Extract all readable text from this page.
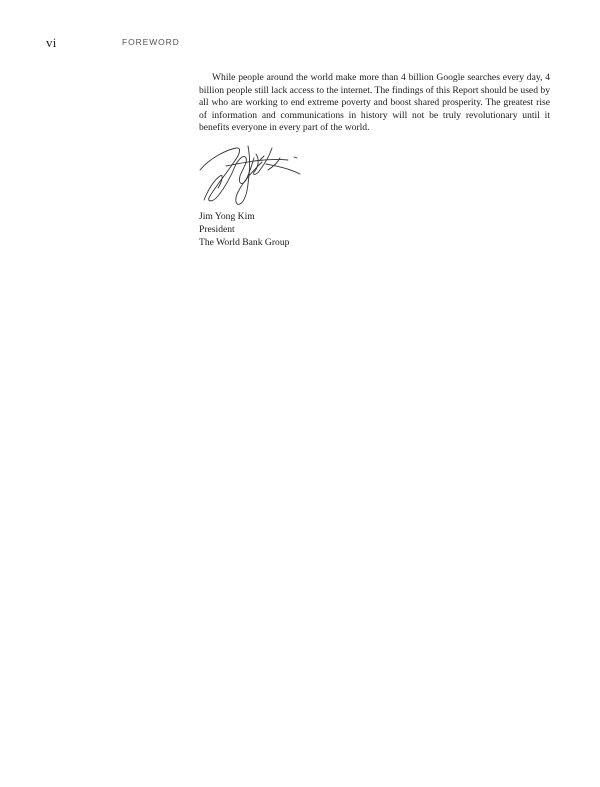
vi	FOREWORD

While people around the world make more than 4 billion Google searches every day, 4 billion people still lack access to the internet. The findings of this Report should be used by all who are working to end extreme poverty and boost shared prosperity. The greatest rise of information and communications in history will not be truly revolutionary until it benefits everyone in every part of the world.

Jim Yong Kim
President
The World Bank Group
